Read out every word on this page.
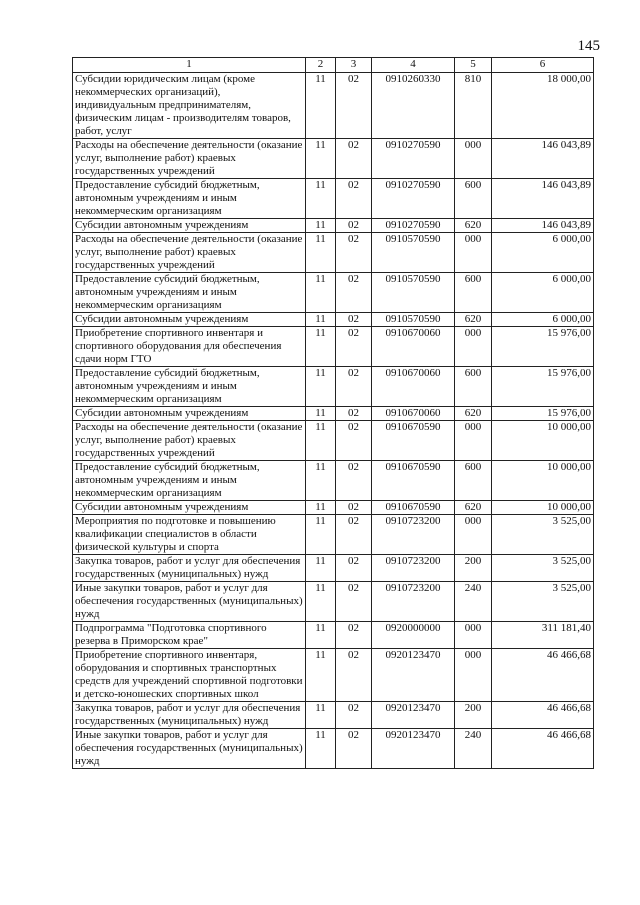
145
1	2	3	4	5	6
Субсидии юридическим лицам (кроме некоммерческих организаций), индивидуальным предпринимателям, физическим лицам - производителям товаров, работ, услуг	11	02	0910260330	810	18 000,00
Расходы на обеспечение деятельности (оказание услуг, выполнение работ) краевых государственных учреждений	11	02	0910270590	000	146 043,89
Предоставление субсидий бюджетным, автономным учреждениям и иным некоммерческим организациям	11	02	0910270590	600	146 043,89
Субсидии автономным учреждениям	11	02	0910270590	620	146 043,89
Расходы на обеспечение деятельности (оказание услуг, выполнение работ) краевых государственных учреждений	11	02	0910570590	000	6 000,00
Предоставление субсидий бюджетным, автономным учреждениям и иным некоммерческим организациям	11	02	0910570590	600	6 000,00
Субсидии автономным учреждениям	11	02	0910570590	620	6 000,00
Приобретение спортивного инвентаря и спортивного оборудования для обеспечения сдачи норм ГТО	11	02	0910670060	000	15 976,00
Предоставление субсидий бюджетным, автономным учреждениям и иным некоммерческим организациям	11	02	0910670060	600	15 976,00
Субсидии автономным учреждениям	11	02	0910670060	620	15 976,00
Расходы на обеспечение деятельности (оказание услуг, выполнение работ) краевых государственных учреждений	11	02	0910670590	000	10 000,00
Предоставление субсидий бюджетным, автономным учреждениям и иным некоммерческим организациям	11	02	0910670590	600	10 000,00
Субсидии автономным учреждениям	11	02	0910670590	620	10 000,00
Мероприятия по подготовке и повышению квалификации специалистов в области физической культуры и спорта	11	02	0910723200	000	3 525,00
Закупка товаров, работ и услуг для обеспечения государственных (муниципальных) нужд	11	02	0910723200	200	3 525,00
Иные закупки товаров, работ и услуг для обеспечения государственных (муниципальных) нужд	11	02	0910723200	240	3 525,00
Подпрограмма "Подготовка спортивного резерва в Приморском крае"	11	02	0920000000	000	311 181,40
Приобретение спортивного инвентаря, оборудования и спортивных транспортных средств для учреждений спортивной подготовки и детско-юношеских спортивных школ	11	02	0920123470	000	46 466,68
Закупка товаров, работ и услуг для обеспечения государственных (муниципальных) нужд	11	02	0920123470	200	46 466,68
Иные закупки товаров, работ и услуг для обеспечения государственных (муниципальных) нужд	11	02	0920123470	240	46 466,68
